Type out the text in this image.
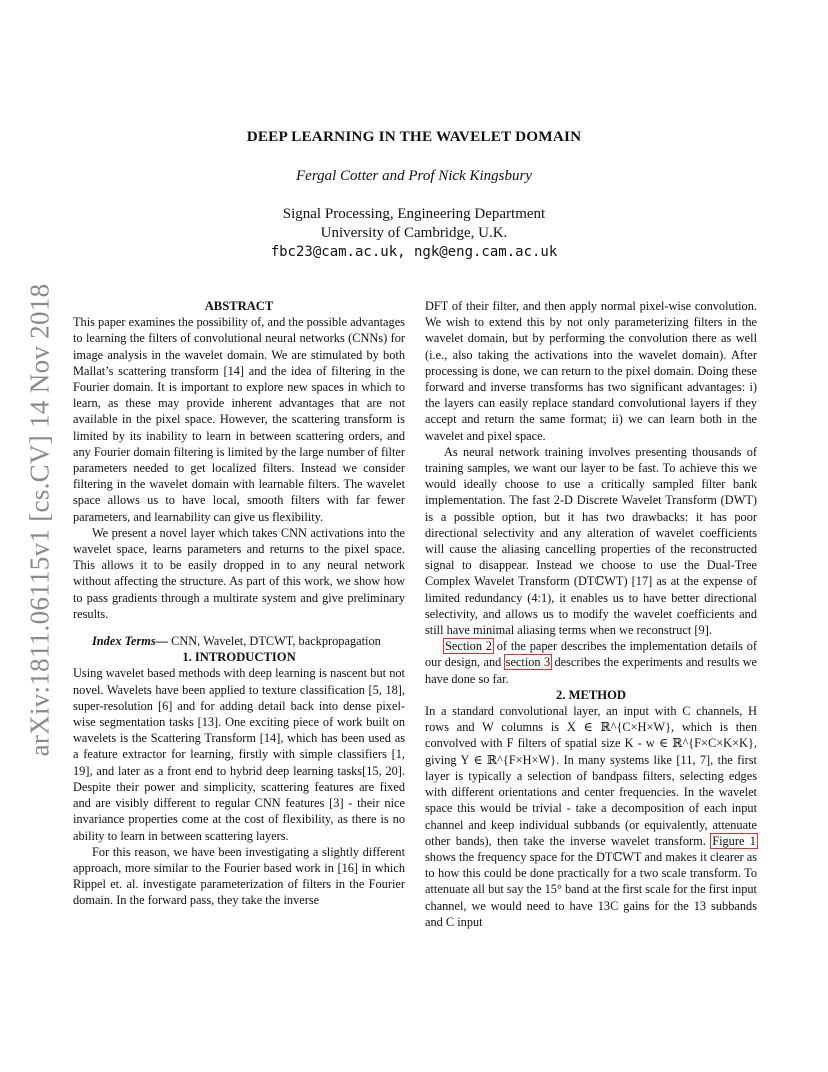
arXiv:1811.06115v1 [cs.CV] 14 Nov 2018
DEEP LEARNING IN THE WAVELET DOMAIN
Fergal Cotter and Prof Nick Kingsbury
Signal Processing, Engineering Department
University of Cambridge, U.K.
fbc23@cam.ac.uk, ngk@eng.cam.ac.uk

ABSTRACT

This paper examines the possibility of, and the possible advantages to learning the filters of convolutional neural networks (CNNs) for image analysis in the wavelet domain. We are stimulated by both Mallat’s scattering transform [14] and the idea of filtering in the Fourier domain. It is important to explore new spaces in which to learn, as these may provide inherent advantages that are not available in the pixel space. However, the scattering transform is limited by its inability to learn in between scattering orders, and any Fourier domain filtering is limited by the large number of filter parameters needed to get localized filters. Instead we consider filtering in the wavelet domain with learnable filters. The wavelet space allows us to have local, smooth filters with far fewer parameters, and learnability can give us flexibility.

We present a novel layer which takes CNN activations into the wavelet space, learns parameters and returns to the pixel space. This allows it to be easily dropped in to any neural network without affecting the structure. As part of this work, we show how to pass gradients through a multirate system and give preliminary results.

Index Terms— CNN, Wavelet, DTCWT, backpropagation

1. INTRODUCTION

Using wavelet based methods with deep learning is nascent but not novel. Wavelets have been applied to texture classification [5, 18], super-resolution [6] and for adding detail back into dense pixel-wise segmentation tasks [13]. One exciting piece of work built on wavelets is the Scattering Transform [14], which has been used as a feature extractor for learning, firstly with simple classifiers [1, 19], and later as a front end to hybrid deep learning tasks[15, 20]. Despite their power and simplicity, scattering features are fixed and are visibly different to regular CNN features [3] - their nice invariance properties come at the cost of flexibility, as there is no ability to learn in between scattering layers.

For this reason, we have been investigating a slightly different approach, more similar to the Fourier based work in [16] in which Rippel et. al. investigate parameterization of filters in the Fourier domain. In the forward pass, they take the inverse

DFT of their filter, and then apply normal pixel-wise convolution. We wish to extend this by not only parameterizing filters in the wavelet domain, but by performing the convolution there as well (i.e., also taking the activations into the wavelet domain). After processing is done, we can return to the pixel domain. Doing these forward and inverse transforms has two significant advantages: i) the layers can easily replace standard convolutional layers if they accept and return the same format; ii) we can learn both in the wavelet and pixel space.

As neural network training involves presenting thousands of training samples, we want our layer to be fast. To achieve this we would ideally choose to use a critically sampled filter bank implementation. The fast 2-D Discrete Wavelet Transform (DWT) is a possible option, but it has two drawbacks: it has poor directional selectivity and any alteration of wavelet coefficients will cause the aliasing cancelling properties of the reconstructed signal to disappear. Instead we choose to use the Dual-Tree Complex Wavelet Transform (DTℂWT) [17] as at the expense of limited redundancy (4:1), it enables us to have better directional selectivity, and allows us to modify the wavelet coefficients and still have minimal aliasing terms when we reconstruct [9].

Section 2 of the paper describes the implementation details of our design, and section 3 describes the experiments and results we have done so far.

2. METHOD

In a standard convolutional layer, an input with C channels, H rows and W columns is X ∈ ℝ^{C×H×W}, which is then convolved with F filters of spatial size K - w ∈ ℝ^{F×C×K×K}, giving Y ∈ ℝ^{F×H×W}. In many systems like [11, 7], the first layer is typically a selection of bandpass filters, selecting edges with different orientations and center frequencies. In the wavelet space this would be trivial - take a decomposition of each input channel and keep individual subbands (or equivalently, attenuate other bands), then take the inverse wavelet transform. Figure 1 shows the frequency space for the DTℂWT and makes it clearer as to how this could be done practically for a two scale transform. To attenuate all but say the 15° band at the first scale for the first input channel, we would need to have 13C gains for the 13 subbands and C input
